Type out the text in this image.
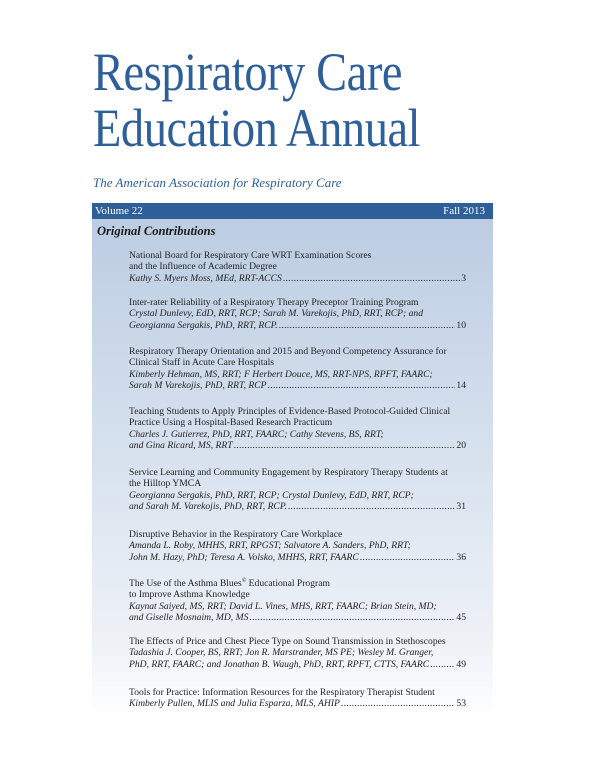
Respiratory Care
Education Annual
The American Association for Respiratory Care
Volume 22	Fall 2013
Original Contributions
National Board for Respiratory Care WRT Examination Scores
and the Influence of Academic Degree
Kathy S. Myers Moss, MEd, RRT-ACCS .....	3
Inter-rater Reliability of a Respiratory Therapy Preceptor Training Program
Crystal Dunlevy, EdD, RRT, RCP; Sarah M. Varekojis, PhD, RRT, RCP; and
Georgianna Sergakis, PhD, RRT, RCP. .....	10
Respiratory Therapy Orientation and 2015 and Beyond Competency Assurance for
Clinical Staff in Acute Care Hospitals
Kimberly Hehman, MS, RRT; F Herbert Douce, MS, RRT-NPS, RPFT, FAARC;
Sarah M Varekojis, PhD, RRT, RCP .....	14
Teaching Students to Apply Principles of Evidence-Based Protocol-Guided Clinical
Practice Using a Hospital-Based Research Practicum
Charles J. Gutierrez, PhD, RRT, FAARC; Cathy Stevens, BS, RRT;
and Gina Ricard, MS, RRT .....	20
Service Learning and Community Engagement by Respiratory Therapy Students at
the Hilltop YMCA
Georgianna Sergakis, PhD, RRT, RCP; Crystal Dunlevy, EdD, RRT, RCP;
and Sarah M. Varekojis, PhD, RRT, RCP. .....	31
Disruptive Behavior in the Respiratory Care Workplace
Amanda L. Roby, MHHS, RRT, RPGST; Salvatore A. Sanders, PhD, RRT;
John M. Hazy, PhD; Teresa A. Volsko, MHHS, RRT, FAARC .....	36
The Use of the Asthma Blues© Educational Program
to Improve Asthma Knowledge
Kaynat Saiyed, MS, RRT; David L. Vines, MHS, RRT, FAARC; Brian Stein, MD;
and Giselle Mosnaim, MD, MS .....	45
The Effects of Price and Chest Piece Type on Sound Transmission in Stethoscopes
Tadashia J. Cooper, BS, RRT; Jon R. Marstrander, MS PE; Wesley M. Granger,
PhD, RRT, FAARC; and Jonathan B. Waugh, PhD, RRT, RPFT, CTTS, FAARC .....	49
Tools for Practice: Information Resources for the Respiratory Therapist Student
Kimberly Pullen, MLIS and Julia Esparza, MLS, AHIP .....	53
